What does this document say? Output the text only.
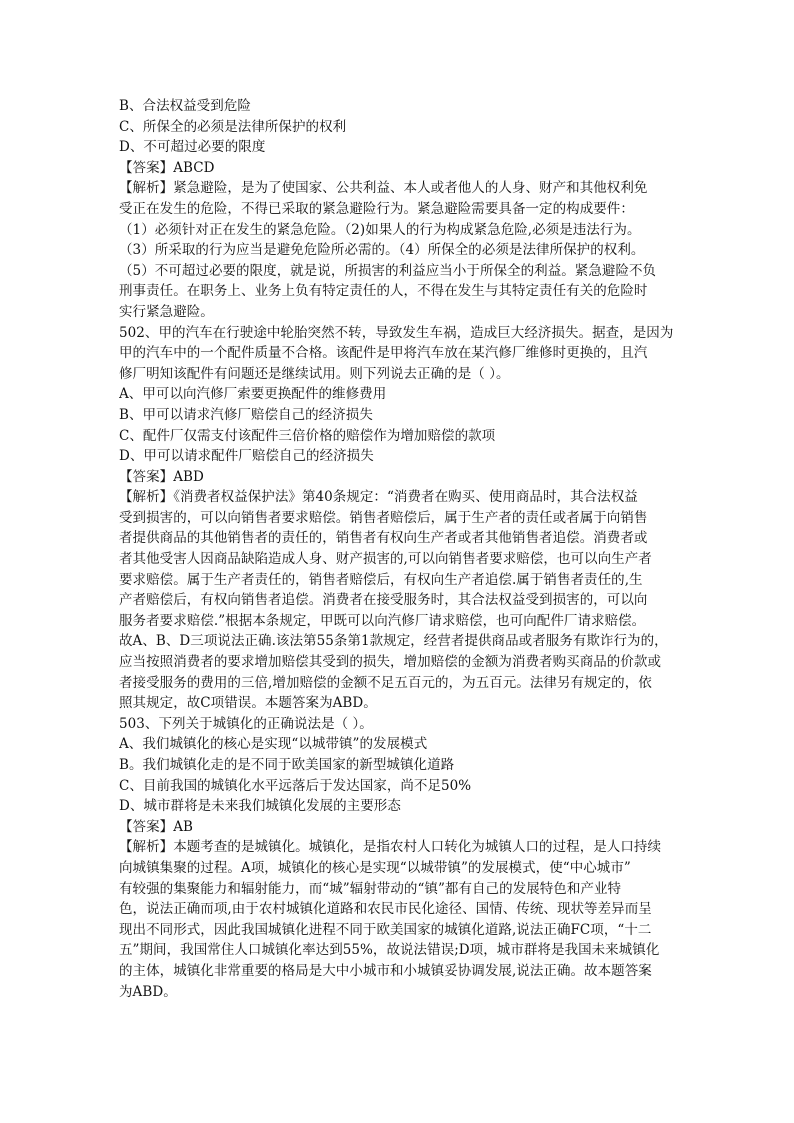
B、合法权益受到危险
C、所保全的必须是法律所保护的权利
D、不可超过必要的限度
【答案】ABCD
【解析】紧急避险，是为了使国家、公共利益、本人或者他人的人身、财产和其他权利免
受正在发生的危险，不得已采取的紧急避险行为。紧急避险需要具备一定的构成要件：
（1）必须针对正在发生的紧急危险。（2)如果人的行为构成紧急危险,必须是违法行为。
（3）所采取的行为应当是避免危险所必需的。（4）所保全的必须是法律所保护的权利。
（5）不可超过必要的限度，就是说，所损害的利益应当小于所保全的利益。紧急避险不负
刑事责任。在职务上、业务上负有特定责任的人，不得在发生与其特定责任有关的危险时
实行紧急避险。
502、甲的汽车在行驶途中轮胎突然不转，导致发生车祸，造成巨大经济损失。据查，是因为
甲的汽车中的一个配件质量不合格。该配件是甲将汽车放在某汽修厂维修时更换的，且汽
修厂明知该配件有问题还是继续试用。则下列说去正确的是（ ）。
A、甲可以向汽修厂索要更换配件的维修费用
B、甲可以请求汽修厂赔偿自己的经济损失
C、配件厂仅需支付该配件三倍价格的赔偿作为增加赔偿的款项
D、甲可以请求配件厂赔偿自己的经济损失
【答案】ABD
【解析】《消费者权益保护法》第40条规定：“消费者在购买、使用商品时，其合法权益
受到损害的，可以向销售者要求赔偿。销售者赔偿后，属于生产者的责任或者属于向销售
者提供商品的其他销售者的责任的，销售者有权向生产者或者其他销售者追偿。消费者或
者其他受害人因商品缺陷造成人身、财产损害的,可以向销售者要求赔偿，也可以向生产者
要求赔偿。属于生产者责任的，销售者赔偿后，有权向生产者追偿.属于销售者责任的,生
产者赔偿后，有权向销售者追偿。消费者在接受服务时，其合法权益受到损害的，可以向
服务者要求赔偿.”根据本条规定，甲既可以向汽修厂请求赔偿，也可向配件厂请求赔偿。
故A、B、D三项说法正确.该法第55条第1款规定，经营者提供商品或者服务有欺诈行为的，
应当按照消费者的要求增加赔偿其受到的损失，增加赔偿的金额为消费者购买商品的价款或
者接受服务的费用的三倍,增加赔偿的金额不足五百元的，为五百元。法律另有规定的，依
照其规定，故C项错误。本题答案为ABD。
503、下列关于城镇化的正确说法是（ ）。
A、我们城镇化的核心是实现“以城带镇”的发展模式
B。我们城镇化走的是不同于欧美国家的新型城镇化道路
C、目前我国的城镇化水平远落后于发达国家，尚不足50%
D、城市群将是未来我们城镇化发展的主要形态
【答案】AB
【解析】本题考查的是城镇化。城镇化，是指农村人口转化为城镇人口的过程，是人口持续
向城镇集聚的过程。A项，城镇化的核心是实现“以城带镇”的发展模式，使“中心城市”
有较强的集聚能力和辐射能力，而“城”辐射带动的“镇”都有自己的发展特色和产业特
色，说法正确而项,由于农村城镇化道路和农民市民化途径、国情、传统、现状等差异而呈
现出不同形式，因此我国城镇化进程不同于欧美国家的城镇化道路,说法正确FC项，“十二
五”期间，我国常住人口城镇化率达到55%，故说法错误;D项，城市群将是我国未来城镇化
的主体，城镇化非常重要的格局是大中小城市和小城镇妥协调发展,说法正确。故本题答案
为ABD。
